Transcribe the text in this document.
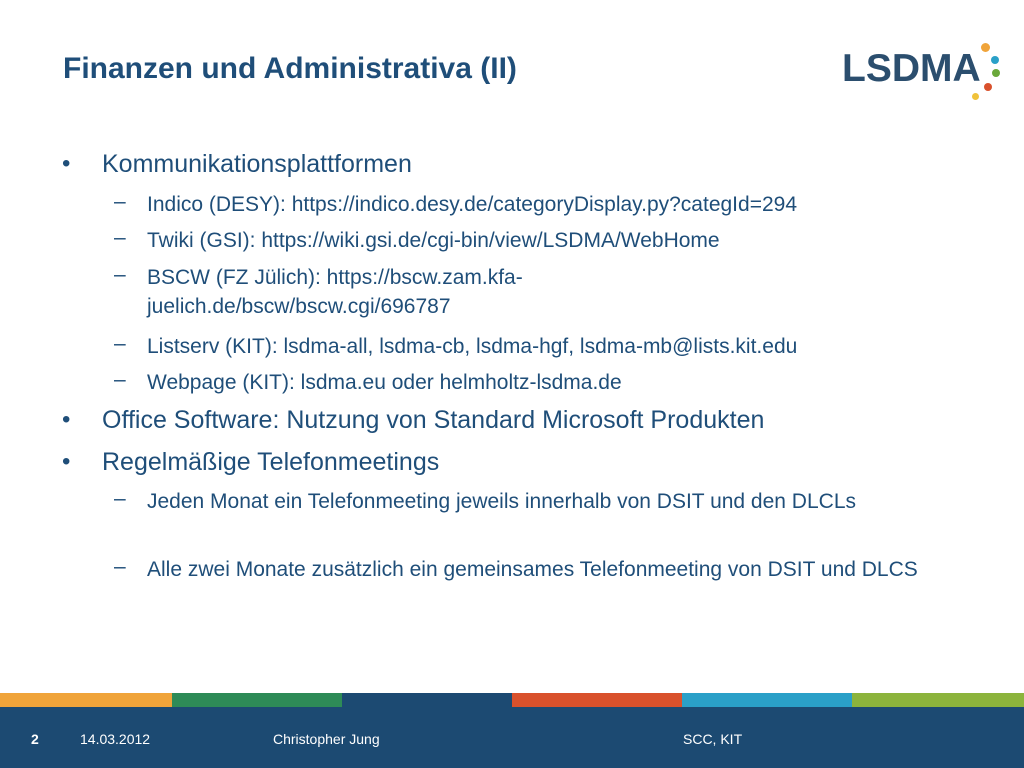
Finanzen und Administrativa (II)	LSDMA
• Kommunikationsplattformen
– Indico (DESY): https://indico.desy.de/categoryDisplay.py?categId=294
– Twiki (GSI): https://wiki.gsi.de/cgi-bin/view/LSDMA/WebHome
– BSCW (FZ Jülich): https://bscw.zam.kfa-juelich.de/bscw/bscw.cgi/696787
– Listserv (KIT): lsdma-all, lsdma-cb, lsdma-hgf, lsdma-mb@lists.kit.edu
– Webpage (KIT): lsdma.eu oder helmholtz-lsdma.de
• Office Software: Nutzung von Standard Microsoft Produkten
• Regelmäßige Telefonmeetings
– Jeden Monat ein Telefonmeeting jeweils innerhalb von DSIT und den DLCLs
– Alle zwei Monate zusätzlich ein gemeinsames Telefonmeeting von DSIT und DLCS
2	14.03.2012	Christopher Jung	SCC, KIT
